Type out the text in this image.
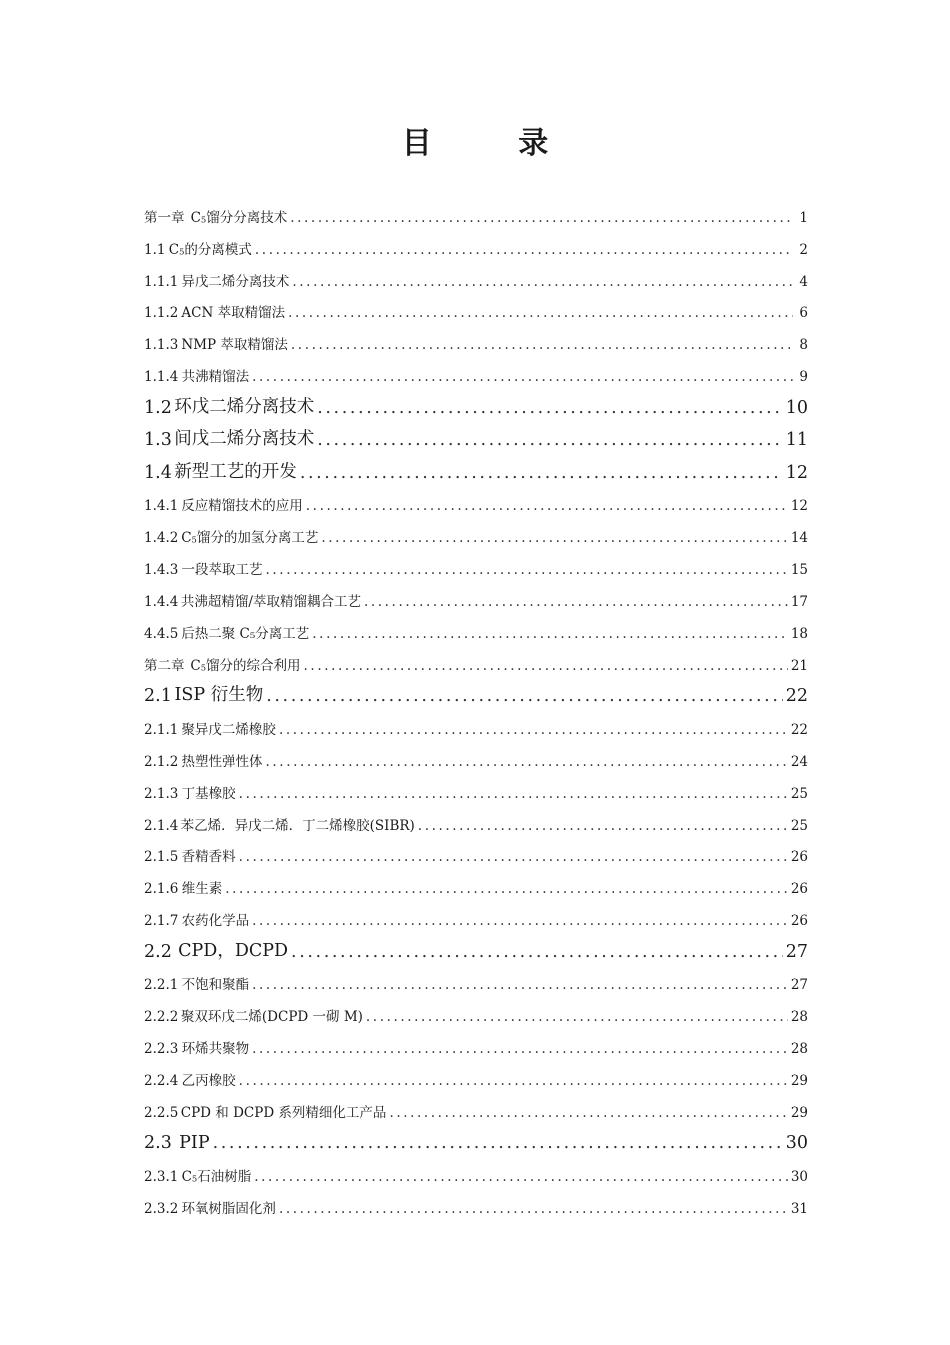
目 录
第一章 C5馏分分离技术 .....	1
1.1 C5的分离模式 .....	2
1.1.1 异戊二烯分离技术 .....	4
1.1.2 ACN 萃取精馏法 .....	6
1.1.3 NMP 萃取精馏法 .....	8
1.1.4 共沸精馏法 .....	9
1.2 环戊二烯分离技术 .....	10
1.3 间戊二烯分离技术 .....	11
1.4 新型工艺的开发 .....	12
1.4.1 反应精馏技术的应用 .....	12
1.4.2 C5馏分的加氢分离工艺 .....	14
1.4.3 一段萃取工艺 .....	15
1.4.4 共沸超精馏/萃取精馏耦合工艺 .....	17
4.4.5 后热二聚 C₅分离工艺 .....	18
第二章 C5馏分的综合利用 .....	21
2.1 ISP 衍生物 .....	22
2.1.1 聚异戊二烯橡胶 .....	22
2.1.2 热塑性弹性体 .....	24
2.1.3 丁基橡胶 .....	25
2.1.4 苯乙烯．异戊二烯．丁二烯橡胶(SIBR) .....	25
2.1.5 香精香料 .....	26
2.1.6 维生素 .....	26
2.1.7 农药化学品 .....	26
2.2 CPD，DCPD .....	27
2.2.1 不饱和聚酯 .....	27
2.2.2 聚双环戊二烯(DCPD 一砌 M) .....	28
2.2.3 环烯共聚物 .....	28
2.2.4 乙丙橡胶 .....	29
2.2.5 CPD 和 DCPD 系列精细化工产品 .....	29
2.3 PIP .....	30
2.3.1 C5石油树脂 .....	30
2.3.2 环氧树脂固化剂 .....	31
